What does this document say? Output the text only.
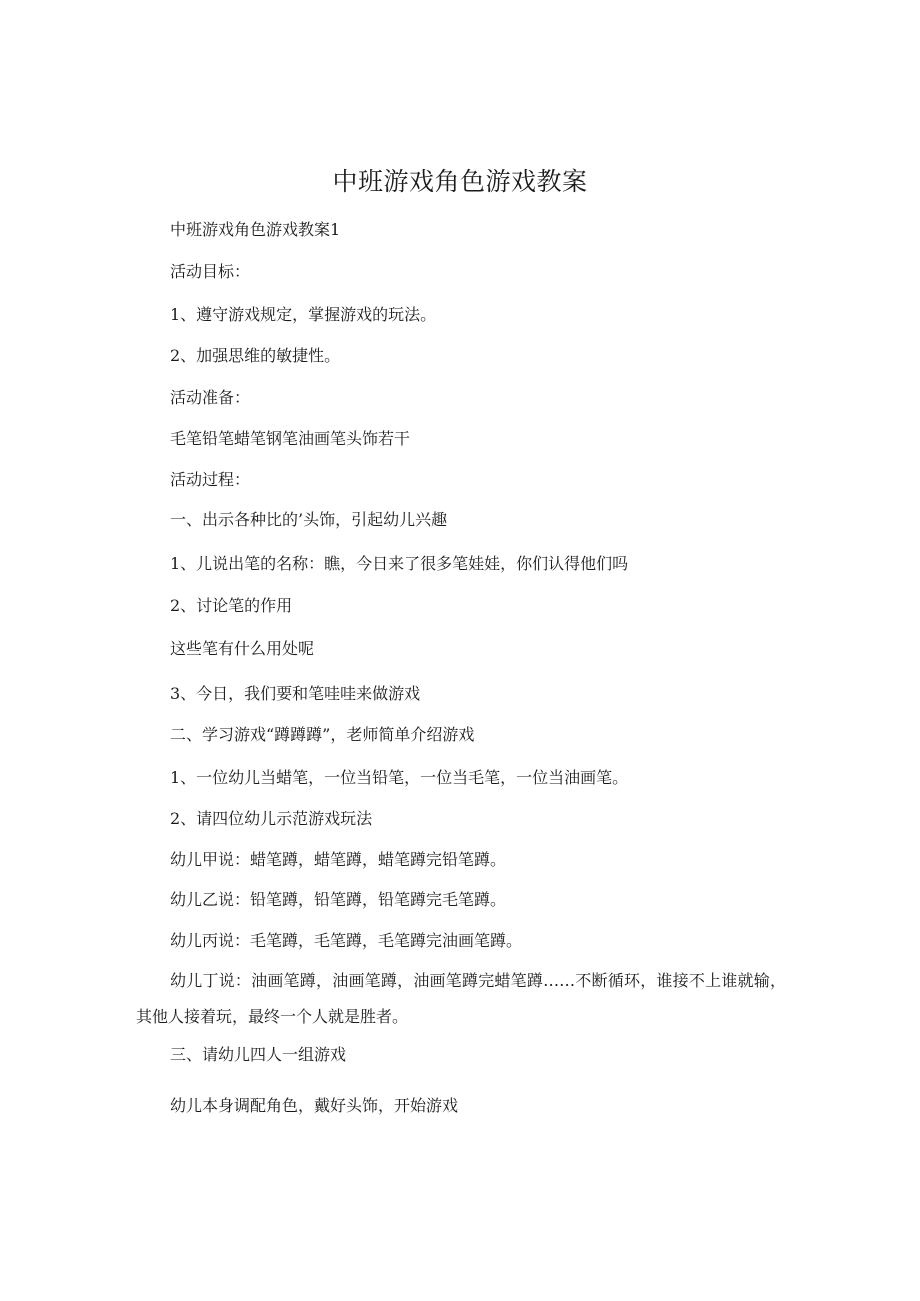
中班游戏角色游戏教案
中班游戏角色游戏教案1
活动目标：
1、遵守游戏规定，掌握游戏的玩法。
2、加强思维的敏捷性。
活动准备：
毛笔铅笔蜡笔钢笔油画笔头饰若干
活动过程：
一、出示各种比的’头饰，引起幼儿兴趣
1、儿说出笔的名称：瞧，今日来了很多笔娃娃，你们认得他们吗
2、讨论笔的作用
这些笔有什么用处呢
3、今日，我们要和笔哇哇来做游戏
二、学习游戏“蹲蹲蹲”，老师简单介绍游戏
1、一位幼儿当蜡笔，一位当铅笔，一位当毛笔，一位当油画笔。
2、请四位幼儿示范游戏玩法
幼儿甲说：蜡笔蹲，蜡笔蹲，蜡笔蹲完铅笔蹲。
幼儿乙说：铅笔蹲，铅笔蹲，铅笔蹲完毛笔蹲。
幼儿丙说：毛笔蹲，毛笔蹲，毛笔蹲完油画笔蹲。
幼儿丁说：油画笔蹲，油画笔蹲，油画笔蹲完蜡笔蹲……不断循环，谁接不上谁就输，其他人接着玩，最终一个人就是胜者。
三、请幼儿四人一组游戏
幼儿本身调配角色，戴好头饰，开始游戏
